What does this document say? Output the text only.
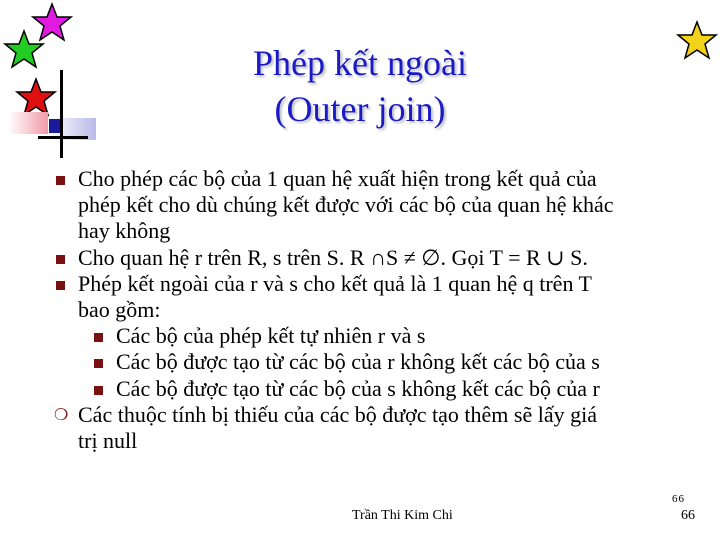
Phép kết ngoài
(Outer join)
Cho phép các bộ của 1 quan hệ xuất hiện trong kết quả của
phép kết cho dù chúng kết được với các bộ của quan hệ khác
hay không
Cho quan hệ r trên R, s trên S. R ∩S ≠ ∅. Gọi T = R ∪ S.
Phép kết ngoài của r và s cho kết quả là 1 quan hệ q trên T
bao gồm:
Các bộ của phép kết tự nhiên r và s
Các bộ được tạo từ các bộ của r không kết các bộ của s
Các bộ được tạo từ các bộ của s không kết các bộ của r
❍ Các thuộc tính bị thiếu của các bộ được tạo thêm sẽ lấy giá
trị null
Trần Thi Kim Chi
66
66
